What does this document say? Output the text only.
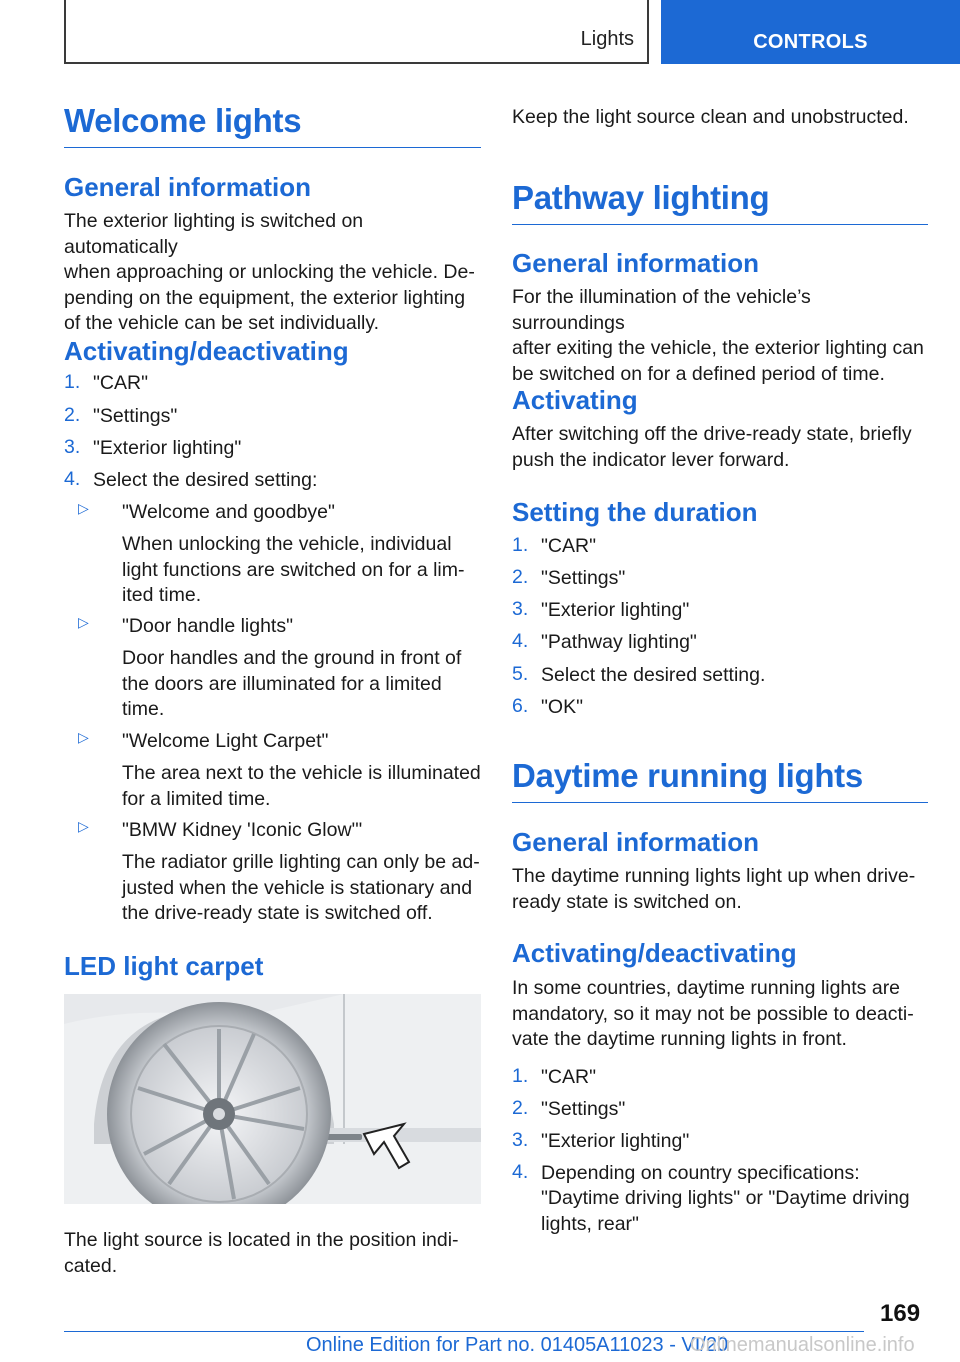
Lights	CONTROLS
Welcome lights
General information

The exterior lighting is switched on automatically

when approaching or unlocking the vehicle. De‐

pending on the equipment, the exterior lighting

of the vehicle can be set individually.

Activating/deactivating
1. "CAR"
2. "Settings"
3. "Exterior lighting"
4. Select the desired setting:
▷ "Welcome and goodbye"
When unlocking the vehicle, individual
light functions are switched on for a lim‐
ited time.
▷ "Door handle lights"
Door handles and the ground in front of
the doors are illuminated for a limited
time.
▷ "Welcome Light Carpet"
The area next to the vehicle is illuminated
for a limited time.
▷ "BMW Kidney 'Iconic Glow'"
The radiator grille lighting can only be ad‐
justed when the vehicle is stationary and
the drive-ready state is switched off.
LED light carpet

The light source is located in the position indi‐

cated.

Keep the light source clean and unobstructed.

Pathway lighting
General information

For the illumination of the vehicle’s surroundings

after exiting the vehicle, the exterior lighting can

be switched on for a defined period of time.

Activating

After switching off the drive-ready state, briefly

push the indicator lever forward.

Setting the duration
1. "CAR"
2. "Settings"
3. "Exterior lighting"
4. "Pathway lighting"
5. Select the desired setting.
6. "OK"
Daytime running lights
General information

The daytime running lights light up when drive-

ready state is switched on.

Activating/deactivating

In some countries, daytime running lights are

mandatory, so it may not be possible to deacti‐

vate the daytime running lights in front.

1. "CAR"
2. "Settings"
3. "Exterior lighting"
4. Depending on country specifications:
"Daytime driving lights" or "Daytime driving
lights, rear"
169
Online Edition for Part no. 01405A11023 - VI/20
Onlinemanualsonline.info
